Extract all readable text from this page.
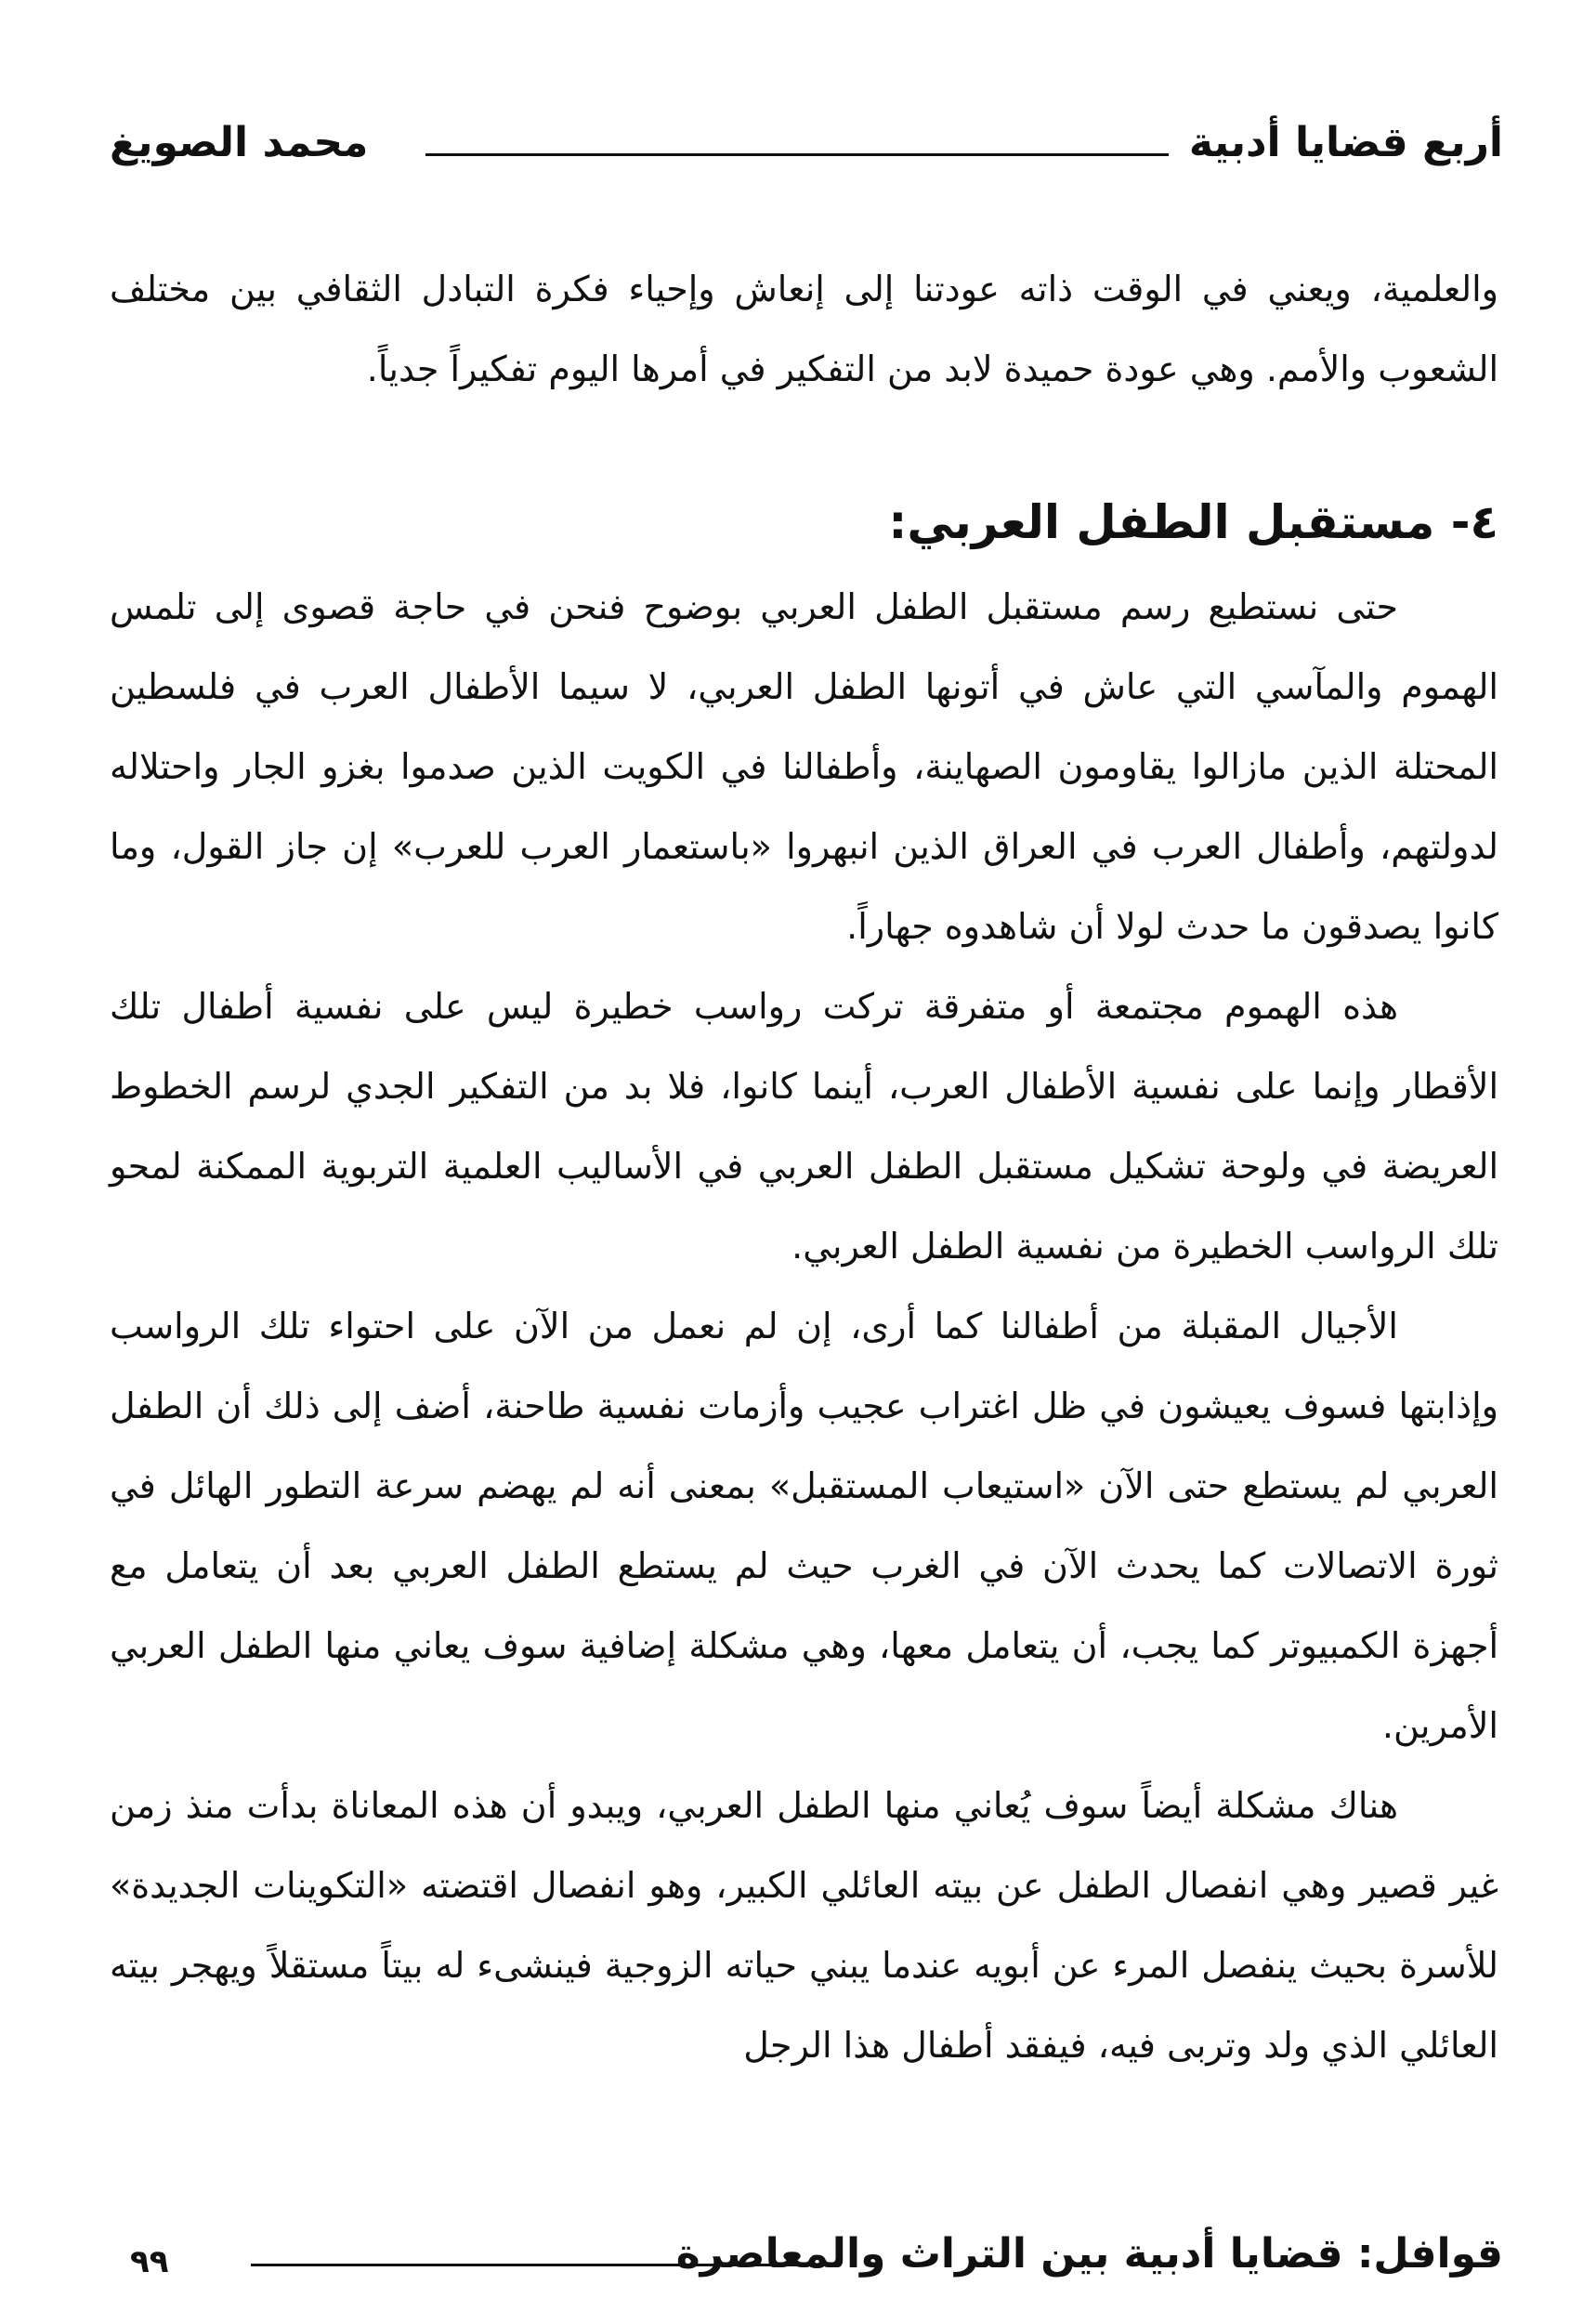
أربع قضايا أدبية
محمد الصويغ

والعلمية، ويعني في الوقت ذاته عودتنا إلى إنعاش وإحياء فكرة التبادل الثقافي بين مختلف الشعوب والأمم. وهي عودة حميدة لابد من التفكير في أمرها اليوم تفكيراً جدياً.

٤- مستقبل الطفل العربي:

حتى نستطيع رسم مستقبل الطفل العربي بوضوح فنحن في حاجة قصوى إلى تلمس الهموم والمآسي التي عاش في أتونها الطفل العربي، لا سيما الأطفال العرب في فلسطين المحتلة الذين مازالوا يقاومون الصهاينة، وأطفالنا في الكويت الذين صدموا بغزو الجار واحتلاله لدولتهم، وأطفال العرب في العراق الذين انبهروا «باستعمار العرب للعرب» إن جاز القول، وما كانوا يصدقون ما حدث لولا أن شاهدوه جهاراً.

هذه الهموم مجتمعة أو متفرقة تركت رواسب خطيرة ليس على نفسية أطفال تلك الأقطار وإنما على نفسية الأطفال العرب، أينما كانوا، فلا بد من التفكير الجدي لرسم الخطوط العريضة في ولوحة تشكيل مستقبل الطفل العربي في الأساليب العلمية التربوية الممكنة لمحو تلك الرواسب الخطيرة من نفسية الطفل العربي.

الأجيال المقبلة من أطفالنا كما أرى، إن لم نعمل من الآن على احتواء تلك الرواسب وإذابتها فسوف يعيشون في ظل اغتراب عجيب وأزمات نفسية طاحنة، أضف إلى ذلك أن الطفل العربي لم يستطع حتى الآن «استيعاب المستقبل» بمعنى أنه لم يهضم سرعة التطور الهائل في ثورة الاتصالات كما يحدث الآن في الغرب حيث لم يستطع الطفل العربي بعد أن يتعامل مع أجهزة الكمبيوتر كما يجب، أن يتعامل معها، وهي مشكلة إضافية سوف يعاني منها الطفل العربي الأمرين.

هناك مشكلة أيضاً سوف يُعاني منها الطفل العربي، ويبدو أن هذه المعاناة بدأت منذ زمن غير قصير وهي انفصال الطفل عن بيته العائلي الكبير، وهو انفصال اقتضته «التكوينات الجديدة» للأسرة بحيث ينفصل المرء عن أبويه عندما يبني حياته الزوجية فينشىء له بيتاً مستقلاً ويهجر بيته العائلي الذي ولد وتربى فيه، فيفقد أطفال هذا الرجل

قوافل: قضايا أدبية بين التراث والمعاصرة
٩٩
